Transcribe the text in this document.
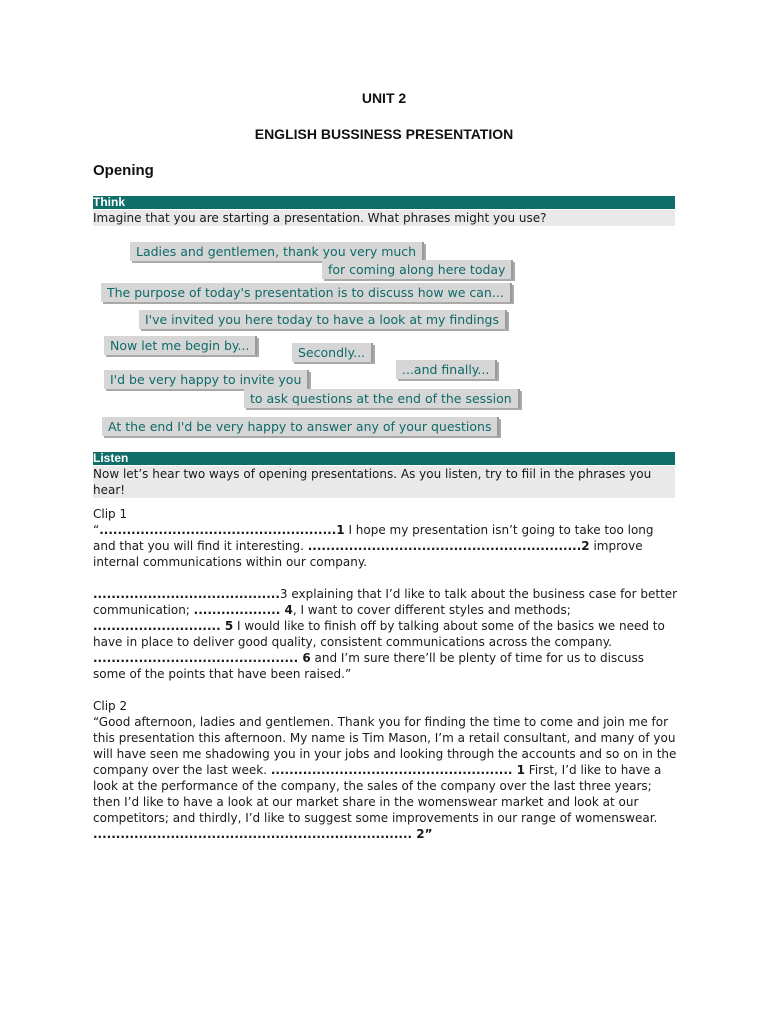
UNIT 2
ENGLISH BUSSINESS PRESENTATION
Opening
Think
Imagine that you are starting a presentation. What phrases might you use?
Ladies and gentlemen, thank you very much
for coming along here today
The purpose of today's presentation is to discuss how we can...
I've invited you here today to have a look at my findings
Now let me begin by...	Secondly...
...and finally...
I'd be very happy to invite you
to ask questions at the end of the session
At the end I'd be very happy to answer any of your questions
Listen
Now let’s hear two ways of opening presentations. As you listen, try to fiil in the phrases you hear!

Clip 1

“....................................................1 I hope my presentation isn’t going to take too long and that you will find it interesting. ............................................................2 improve internal communications within our company.

.........................................3 explaining that I’d like to talk about the business case for better communication; ................... 4, I want to cover different styles and methods; ............................ 5 I would like to finish off by talking about some of the basics we need to have in place to deliver good quality, consistent communications across the company. ............................................. 6 and I’m sure there’ll be plenty of time for us to discuss some of the points that have been raised.”

Clip 2

“Good afternoon, ladies and gentlemen. Thank you for finding the time to come and join me for this presentation this afternoon. My name is Tim Mason, I’m a retail consultant, and many of you will have seen me shadowing you in your jobs and looking through the accounts and so on in the company over the last week. ..................................................... 1 First, I’d like to have a look at the performance of the company, the sales of the company over the last three years; then I’d like to have a look at our market share in the womenswear market and look at our competitors; and thirdly, I’d like to suggest some improvements in our range of womenswear. ...................................................................... 2”
